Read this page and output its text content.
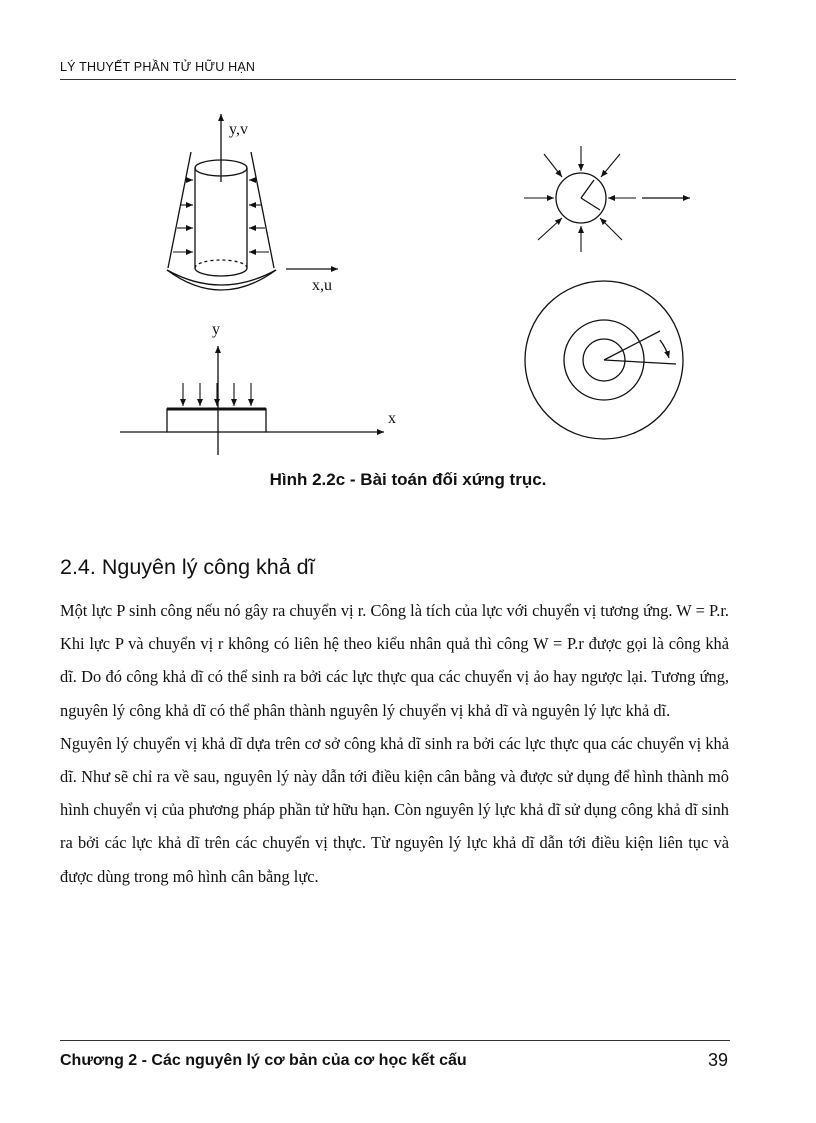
LÝ THUYẾT PHẦN TỬ HỮU HẠN
y,v
x,u
y
x
Hình 2.2c - Bài toán đối xứng trục.
2.4. Nguyên lý công khả dĩ

Một lực P sinh công nếu nó gây ra chuyển vị r. Công là tích của lực với chuyển vị tương ứng. W = P.r. Khi lực P và chuyển vị r không có liên hệ theo kiểu nhân quả thì công W = P.r được gọi là công khả dĩ. Do đó công khả dĩ có thể sinh ra bởi các lực thực qua các chuyển vị ảo hay ngược lại. Tương ứng, nguyên lý công khả dĩ có thể phân thành nguyên lý chuyển vị khả dĩ và nguyên lý lực khả dĩ.

Nguyên lý chuyển vị khả dĩ dựa trên cơ sở công khả dĩ sinh ra bởi các lực thực qua các chuyển vị khả dĩ. Như sẽ chỉ ra về sau, nguyên lý này dẫn tới điều kiện cân bằng và được sử dụng để hình thành mô hình chuyển vị của phương pháp phần tử hữu hạn. Còn nguyên lý lực khả dĩ sử dụng công khả dĩ sinh ra bởi các lực khả dĩ trên các chuyển vị thực. Từ nguyên lý lực khả dĩ dẫn tới điều kiện liên tục và được dùng trong mô hình cân bằng lực.

Chương 2 - Các nguyên lý cơ bản của cơ học kết cấu	39
